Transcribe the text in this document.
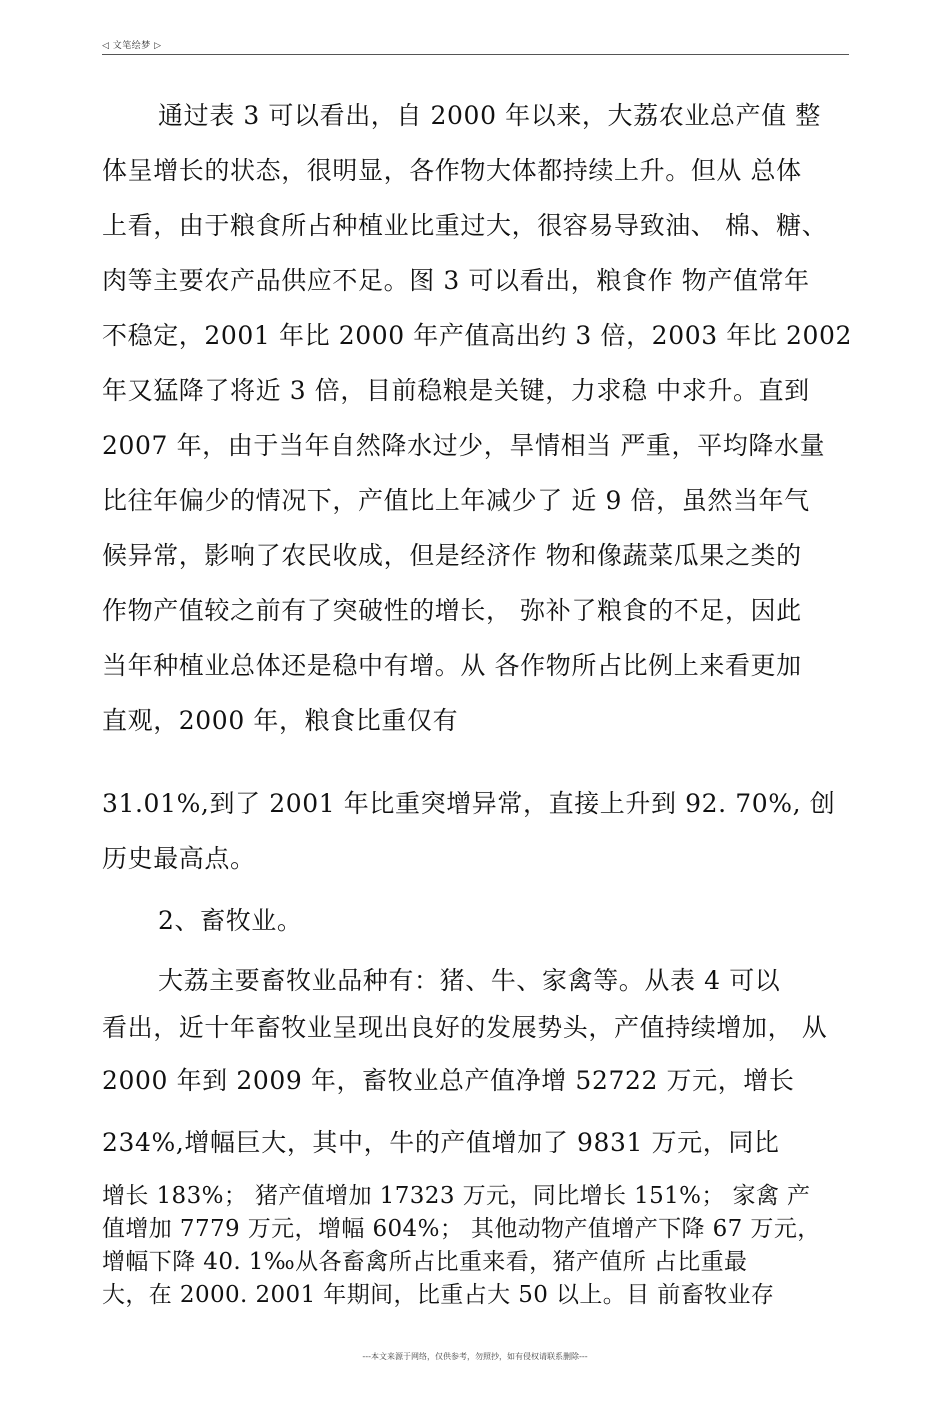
◁ 文笔绘梦 ▷
通过表 3 可以看出，自 2000 年以来，大荔农业总产值 整
体呈增长的状态，很明显，各作物大体都持续上升。但从 总体
上看，由于粮食所占种植业比重过大，很容易导致油、 棉、糖、
肉等主要农产品供应不足。图 3 可以看出，粮食作 物产值常年
不稳定，2001 年比 2000 年产值高出约 3 倍，2003 年比 2002
年又猛降了将近 3 倍，目前稳粮是关键，力求稳 中求升。直到
2007 年，由于当年自然降水过少，旱情相当 严重，平均降水量
比往年偏少的情况下，产值比上年减少了 近 9 倍，虽然当年气
候异常，影响了农民收成，但是经济作 物和像蔬菜瓜果之类的
作物产值较之前有了突破性的增长， 弥补了粮食的不足，因此
当年种植业总体还是稳中有增。从 各作物所占比例上来看更加
直观，2000 年，粮食比重仅有
31.01%,到了 2001 年比重突增异常，直接上升到 92. 70%, 创
历史最高点。
2、畜牧业。
大荔主要畜牧业品种有：猪、牛、家禽等。从表 4 可以
看出，近十年畜牧业呈现出良好的发展势头，产值持续增加， 从
2000 年到 2009 年，畜牧业总产值净增 52722 万元，增长
234%,增幅巨大，其中，牛的产值增加了 9831 万元，同比
增长 183%； 猪产值增加 17323 万元，同比增长 151%； 家禽 产
值增加 7779 万元，增幅 604%； 其他动物产值增产下降 67 万元，
增幅下降 40. 1‰从各畜禽所占比重来看，猪产值所 占比重最
大，在 2000. 2001 年期间，比重占大 50 以上。目 前畜牧业存
---本文来源于网络，仅供参考，勿照抄，如有侵权请联系删除---
